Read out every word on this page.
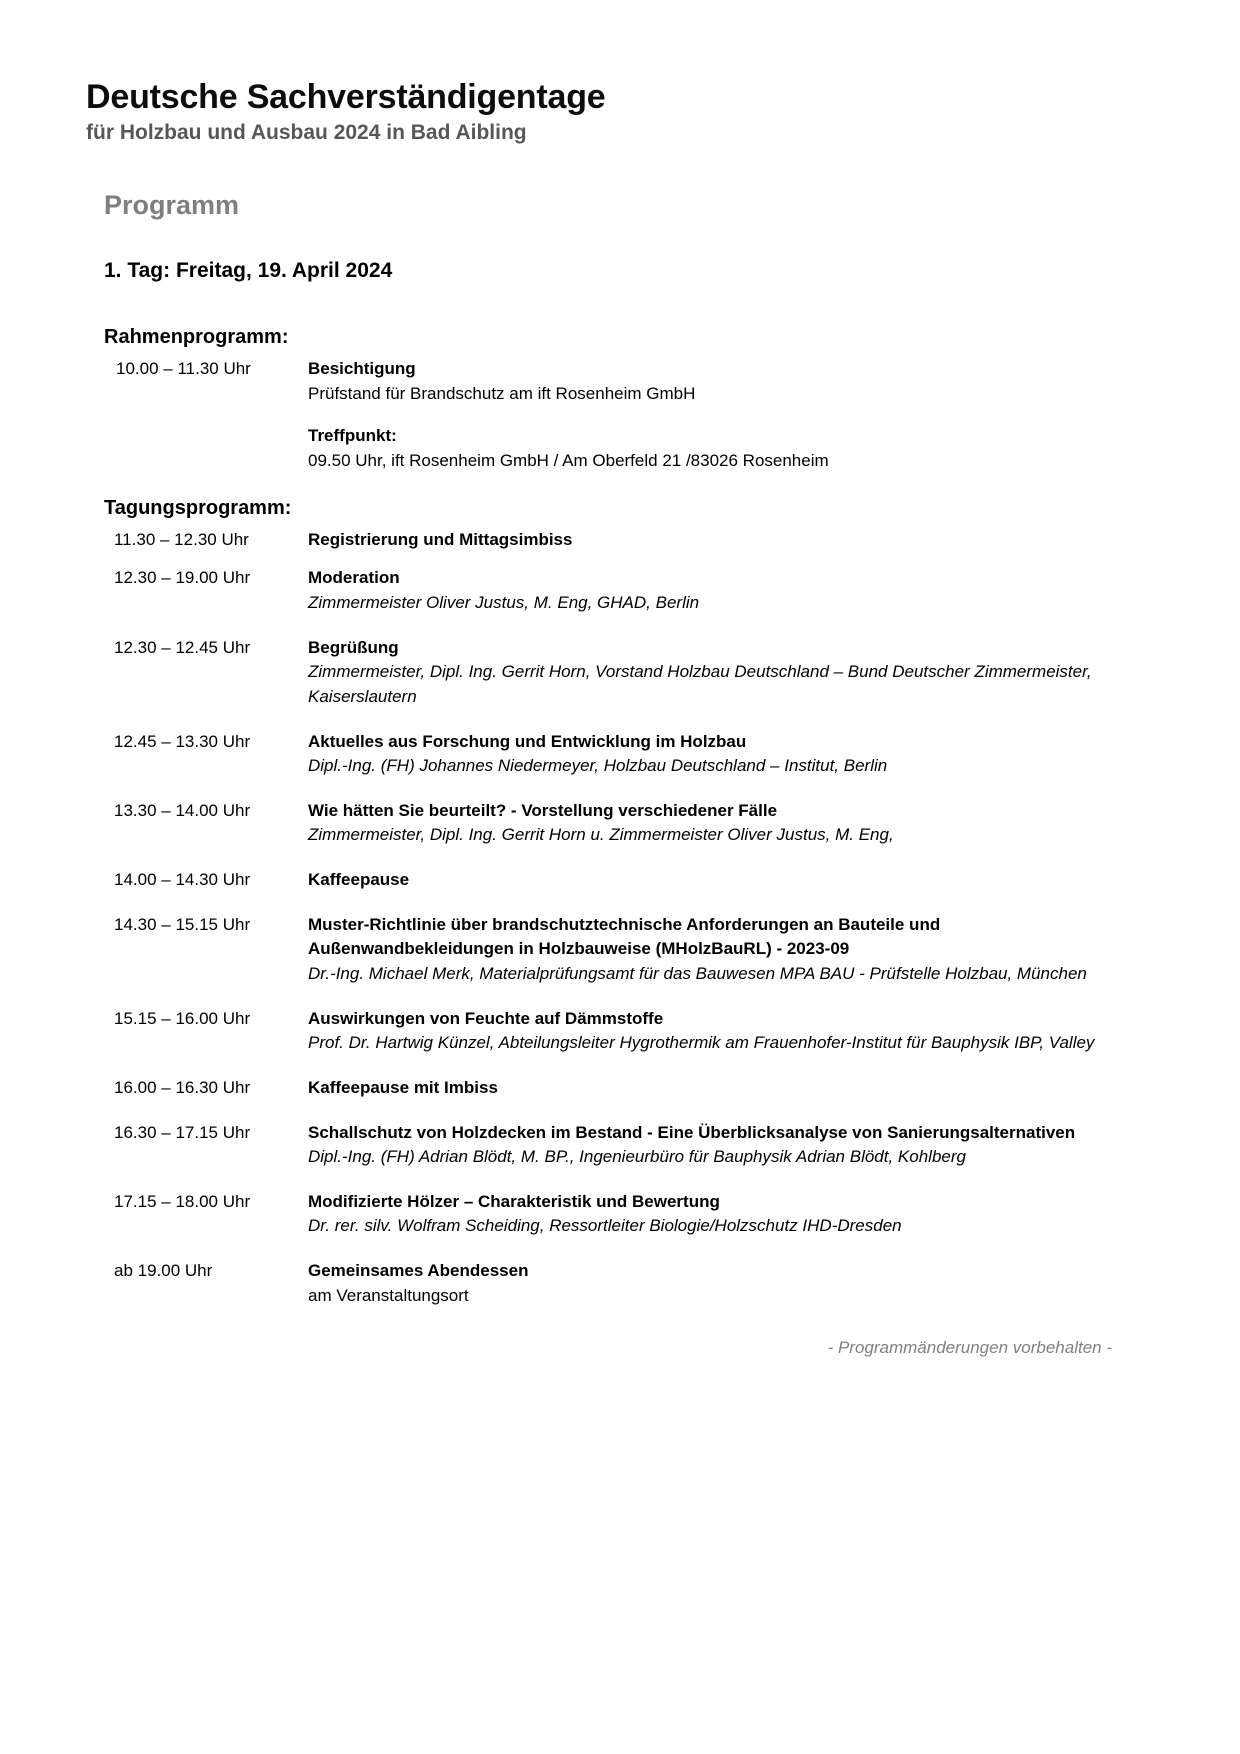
Deutsche Sachverständigentage
für Holzbau und Ausbau 2024 in Bad Aibling
Programm
1. Tag: Freitag, 19. April 2024
Rahmenprogramm:
10.00 – 11.30 Uhr	Besichtigung
Prüfstand für Brandschutz am ift Rosenheim GmbH
Treffpunkt:
09.50 Uhr, ift Rosenheim GmbH / Am Oberfeld 21 /83026 Rosenheim
Tagungsprogramm:
11.30 – 12.30 Uhr	Registrierung und Mittagsimbiss
12.30 – 19.00 Uhr	Moderation
Zimmermeister Oliver Justus, M. Eng, GHAD, Berlin
12.30 – 12.45 Uhr	Begrüßung
Zimmermeister, Dipl. Ing. Gerrit Horn, Vorstand Holzbau Deutschland – Bund Deutscher Zimmermeister, Kaiserslautern
12.45 – 13.30 Uhr	Aktuelles aus Forschung und Entwicklung im Holzbau
Dipl.-Ing. (FH) Johannes Niedermeyer, Holzbau Deutschland – Institut, Berlin
13.30 – 14.00 Uhr	Wie hätten Sie beurteilt? - Vorstellung verschiedener Fälle
Zimmermeister, Dipl. Ing. Gerrit Horn u. Zimmermeister Oliver Justus, M. Eng,
14.00 – 14.30 Uhr	Kaffeepause
14.30 – 15.15 Uhr	Muster-Richtlinie über brandschutztechnische Anforderungen an Bauteile und Außenwandbekleidungen in Holzbauweise (MHolzBauRL) - 2023-09
Dr.-Ing. Michael Merk, Materialprüfungsamt für das Bauwesen MPA BAU - Prüfstelle Holzbau, München
15.15 – 16.00 Uhr	Auswirkungen von Feuchte auf Dämmstoffe
Prof. Dr. Hartwig Künzel, Abteilungsleiter Hygrothermik am Frauenhofer-Institut für Bauphysik IBP, Valley
16.00 – 16.30 Uhr	Kaffeepause mit Imbiss
16.30 – 17.15 Uhr	Schallschutz von Holzdecken im Bestand - Eine Überblicksanalyse von Sanierungsalternativen
Dipl.-Ing. (FH) Adrian Blödt, M. BP., Ingenieurbüro für Bauphysik Adrian Blödt, Kohlberg
17.15 – 18.00 Uhr	Modifizierte Hölzer – Charakteristik und Bewertung
Dr. rer. silv. Wolfram Scheiding, Ressortleiter Biologie/Holzschutz IHD-Dresden
ab 19.00 Uhr	Gemeinsames Abendessen
am Veranstaltungsort
- Programmänderungen vorbehalten -
